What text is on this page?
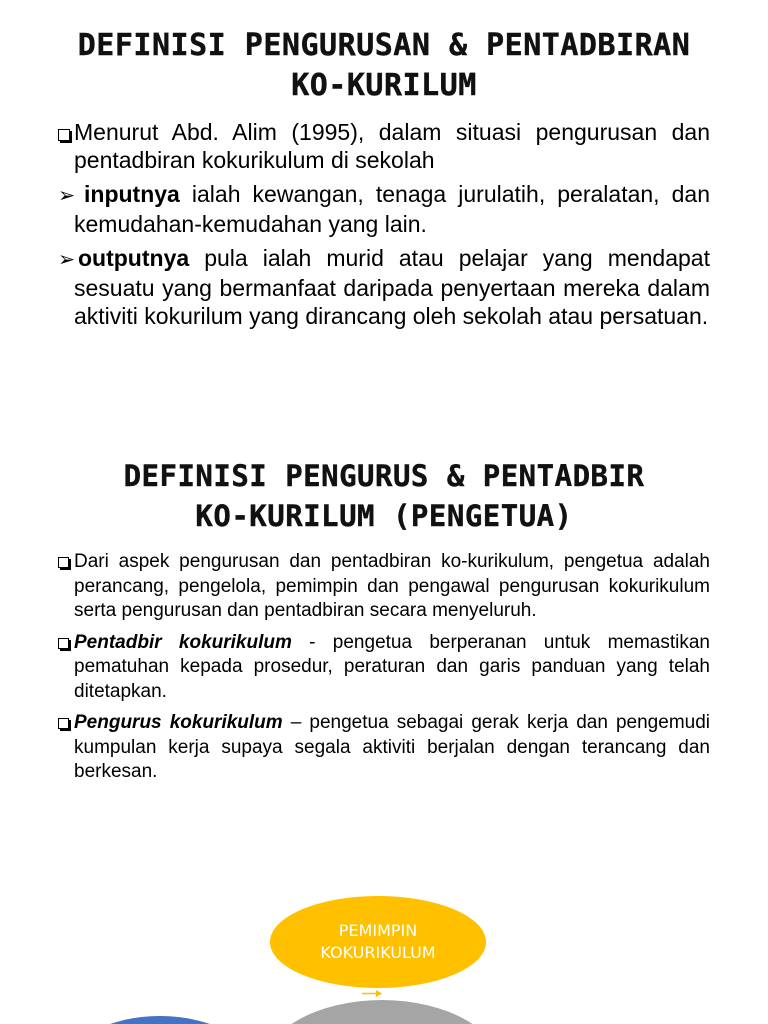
DEFINISI PENGURUSAN & PENTADBIRAN
KO-KURILUM
Menurut Abd. Alim (1995), dalam situasi pengurusan dan pentadbiran kokurikulum di sekolah
➢ inputnya ialah kewangan, tenaga jurulatih, peralatan, dan kemudahan-kemudahan yang lain.
➢ outputnya pula ialah murid atau pelajar yang mendapat sesuatu yang bermanfaat daripada penyertaan mereka dalam aktiviti kokurilum yang dirancang oleh sekolah atau persatuan.
DEFINISI PENGURUS & PENTADBIR
KO-KURILUM (PENGETUA)
Dari aspek pengurusan dan pentadbiran ko-kurikulum, pengetua adalah perancang, pengelola, pemimpin dan pengawal pengurusan kokurikulum serta pengurusan dan pentadbiran secara menyeluruh.
Pentadbir kokurikulum - pengetua berperanan untuk memastikan pematuhan kepada prosedur, peraturan dan garis panduan yang telah ditetapkan.
Pengurus kokurikulum – pengetua sebagai gerak kerja dan pengemudi kumpulan kerja supaya segala aktiviti berjalan dengan terancang dan berkesan.
PEMIMPIN
KOKURIKULUM
